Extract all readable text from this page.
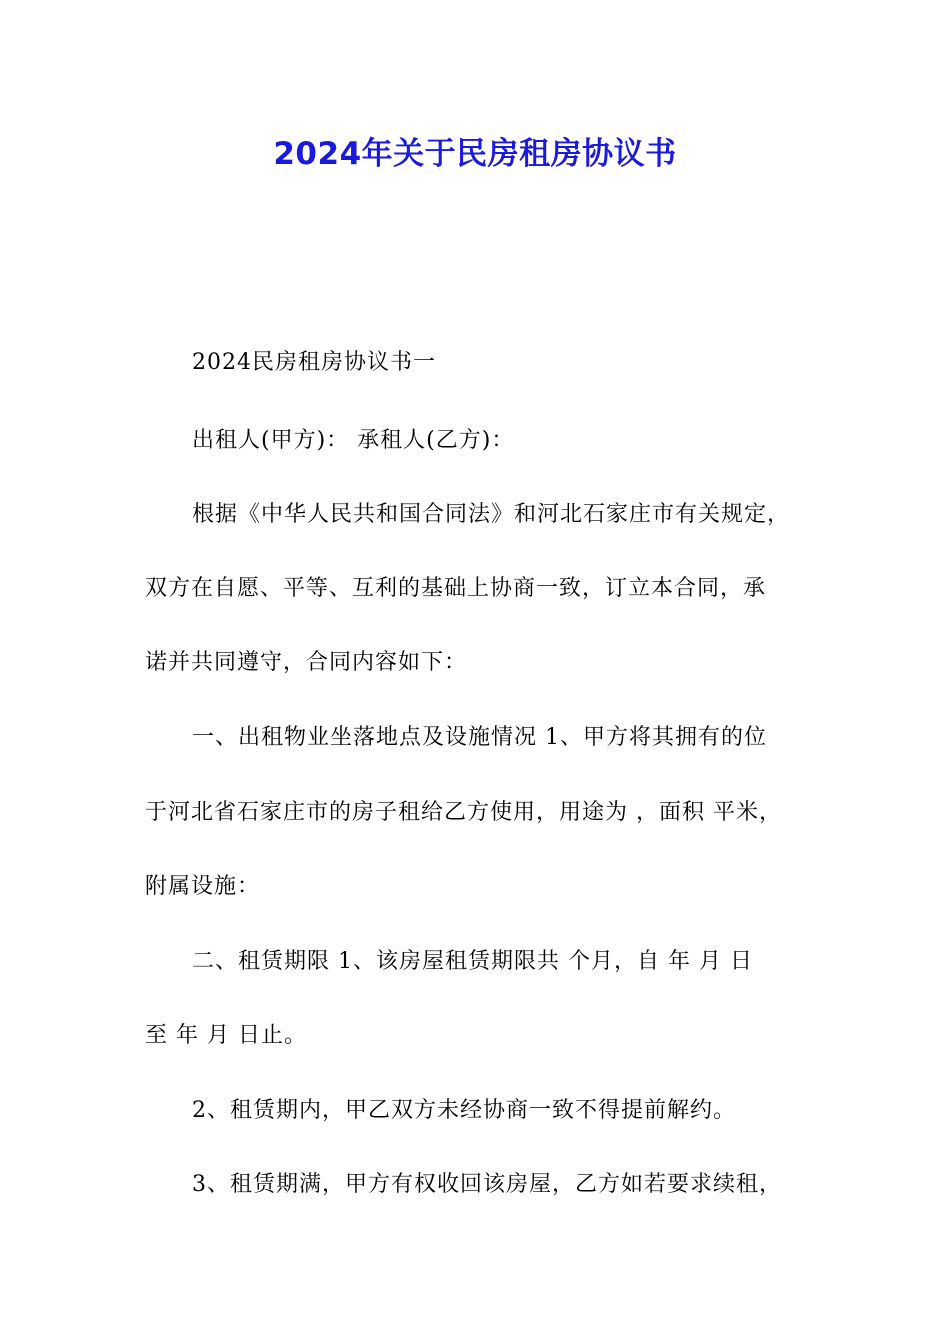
2024年关于民房租房协议书
2024民房租房协议书一
出租人(甲方)： 承租人(乙方)：
根据《中华人民共和国合同法》和河北石家庄市有关规定，
双方在自愿、平等、互利的基础上协商一致，订立本合同，承
诺并共同遵守，合同内容如下：
一、出租物业坐落地点及设施情况 1、甲方将其拥有的位
于河北省石家庄市的房子租给乙方使用，用途为 ，面积 平米，
附属设施：
二、租赁期限 1、该房屋租赁期限共 个月，自 年 月 日
至 年 月 日止。
2、租赁期内，甲乙双方未经协商一致不得提前解约。
3、租赁期满，甲方有权收回该房屋，乙方如若要求续租，
